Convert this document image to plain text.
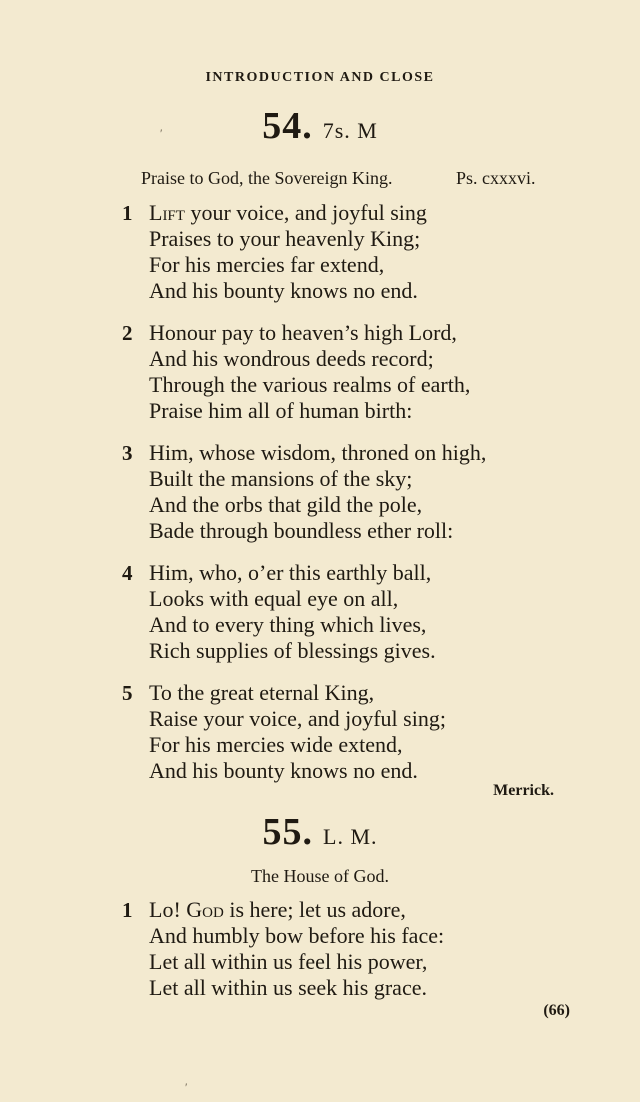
INTRODUCTION AND CLOSE
′
′
54. 7s. M
Praise to God, the Sovereign King.	Ps. cxxxvi.
1 Lift your voice, and joyful sing
Praises to your heavenly King;
For his mercies far extend,
And his bounty knows no end.
2 Honour pay to heaven’s high Lord,
And his wondrous deeds record;
Through the various realms of earth,
Praise him all of human birth:
3 Him, whose wisdom, throned on high,
Built the mansions of the sky;
And the orbs that gild the pole,
Bade through boundless ether roll:
4 Him, who, o’er this earthly ball,
Looks with equal eye on all,
And to every thing which lives,
Rich supplies of blessings gives.
5 To the great eternal King,
Raise your voice, and joyful sing;
For his mercies wide extend,
And his bounty knows no end.
Merrick.
55. L. M.
The House of God.
1 Lo! God is here; let us adore,
And humbly bow before his face:
Let all within us feel his power,
Let all within us seek his grace.
(66)
